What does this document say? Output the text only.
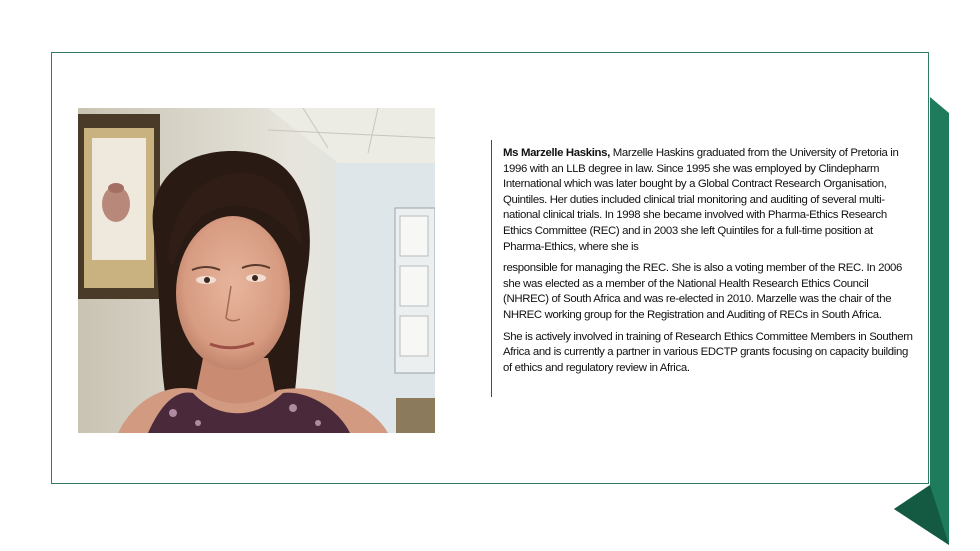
Ms Marzelle Haskins, Marzelle Haskins graduated from the University of Pretoria in 1996 with an LLB degree in law. Since 1995 she was employed by Clindepharm International which was later bought by a Global Contract Research Organisation, Quintiles. Her duties included clinical trial monitoring and auditing of several multi-national clinical trials. In 1998 she became involved with Pharma-Ethics Research Ethics Committee (REC) and in 2003 she left Quintiles for a full-time position at Pharma-Ethics, where she is

responsible for managing the REC. She is also a voting member of the REC. In 2006 she was elected as a member of the National Health Research Ethics Council (NHREC) of South Africa and was re-elected in 2010. Marzelle was the chair of the NHREC working group for the Registration and Auditing of RECs in South Africa.

She is actively involved in training of Research Ethics Committee Members in Southern Africa and is currently a partner in various EDCTP grants focusing on capacity building of ethics and regulatory review in Africa.
